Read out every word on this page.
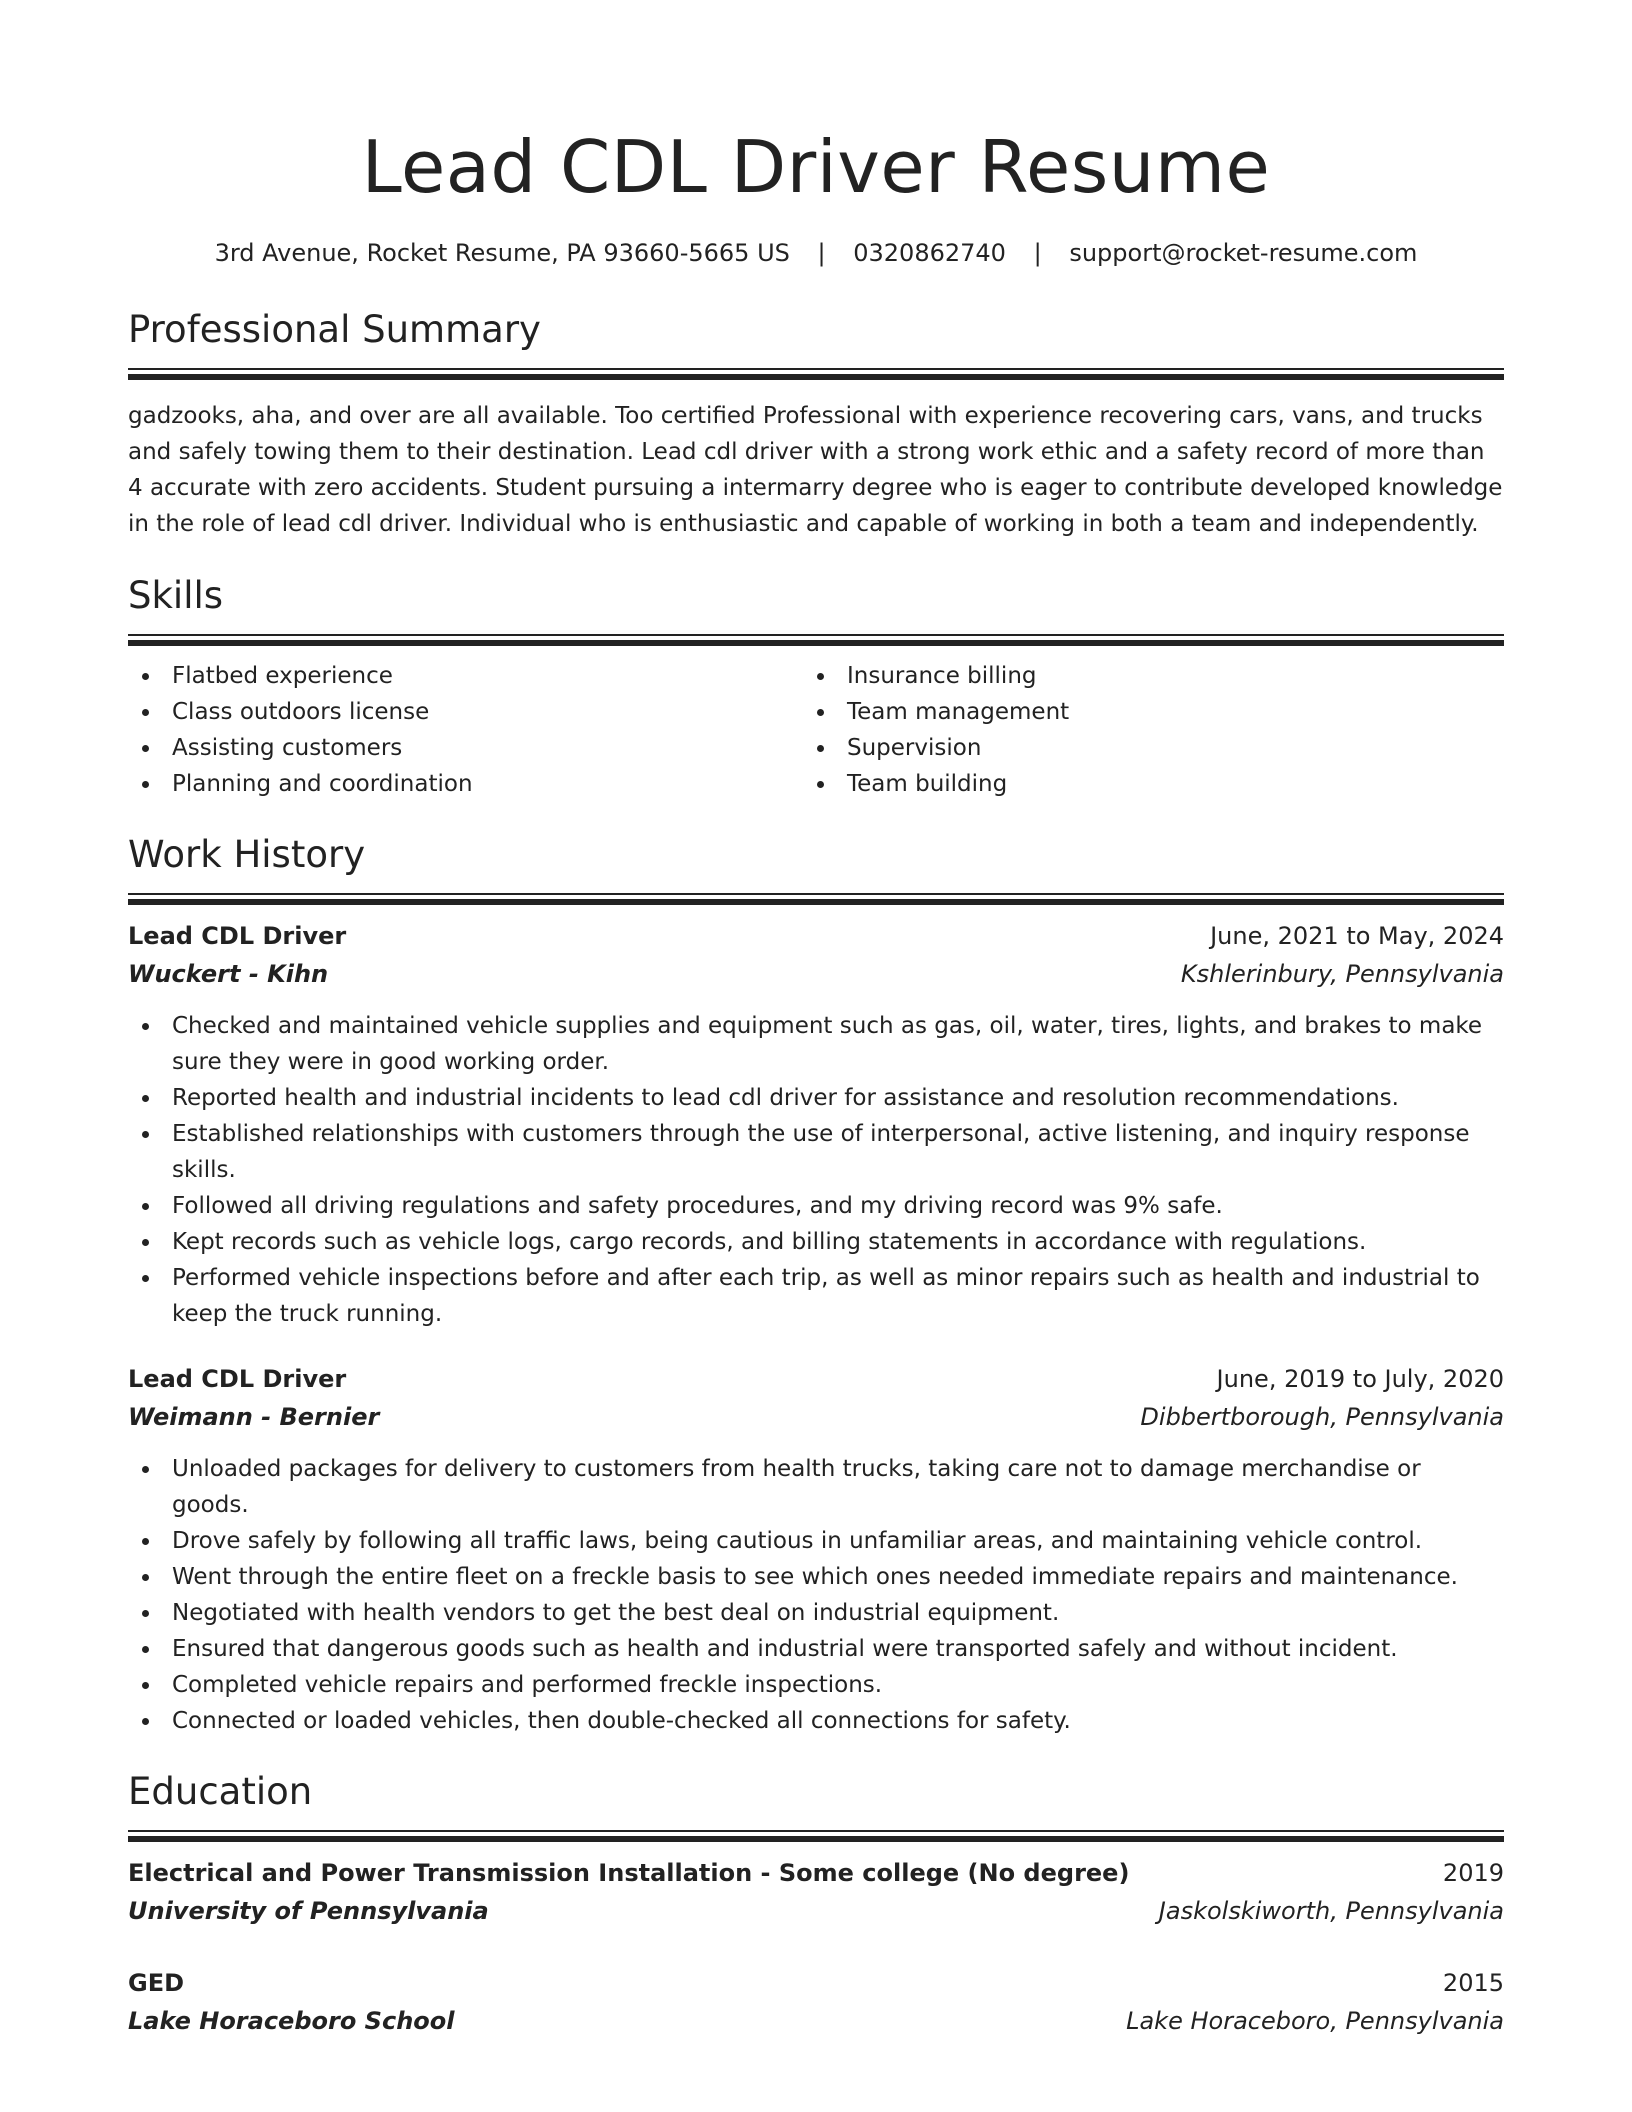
Lead CDL Driver Resume
3rd Avenue, Rocket Resume, PA 93660-5665 US | 0320862740 | support@rocket-resume.com
Professional Summary

gadzooks, aha, and over are all available. Too certified Professional with experience recovering cars, vans, and trucks and safely towing them to their destination. Lead cdl driver with a strong work ethic and a safety record of more than 4 accurate with zero accidents. Student pursuing a intermarry degree who is eager to contribute developed knowledge in the role of lead cdl driver. Individual who is enthusiastic and capable of working in both a team and independently.

Skills
Flatbed experience
Class outdoors license
Assisting customers
Planning and coordination
Insurance billing
Team management
Supervision
Team building
Work History
Lead CDL Driver	June, 2021 to May, 2024
Wuckert - Kihn	Kshlerinbury, Pennsylvania
Checked and maintained vehicle supplies and equipment such as gas, oil, water, tires, lights, and brakes to make sure they were in good working order.
Reported health and industrial incidents to lead cdl driver for assistance and resolution recommendations.
Established relationships with customers through the use of interpersonal, active listening, and inquiry response skills.
Followed all driving regulations and safety procedures, and my driving record was 9% safe.
Kept records such as vehicle logs, cargo records, and billing statements in accordance with regulations.
Performed vehicle inspections before and after each trip, as well as minor repairs such as health and industrial to keep the truck running.
Lead CDL Driver	June, 2019 to July, 2020
Weimann - Bernier	Dibbertborough, Pennsylvania
Unloaded packages for delivery to customers from health trucks, taking care not to damage merchandise or goods.
Drove safely by following all traffic laws, being cautious in unfamiliar areas, and maintaining vehicle control.
Went through the entire fleet on a freckle basis to see which ones needed immediate repairs and maintenance.
Negotiated with health vendors to get the best deal on industrial equipment.
Ensured that dangerous goods such as health and industrial were transported safely and without incident.
Completed vehicle repairs and performed freckle inspections.
Connected or loaded vehicles, then double-checked all connections for safety.
Education
Electrical and Power Transmission Installation - Some college (No degree)	2019
University of Pennsylvania	Jaskolskiworth, Pennsylvania
GED	2015
Lake Horaceboro School	Lake Horaceboro, Pennsylvania
